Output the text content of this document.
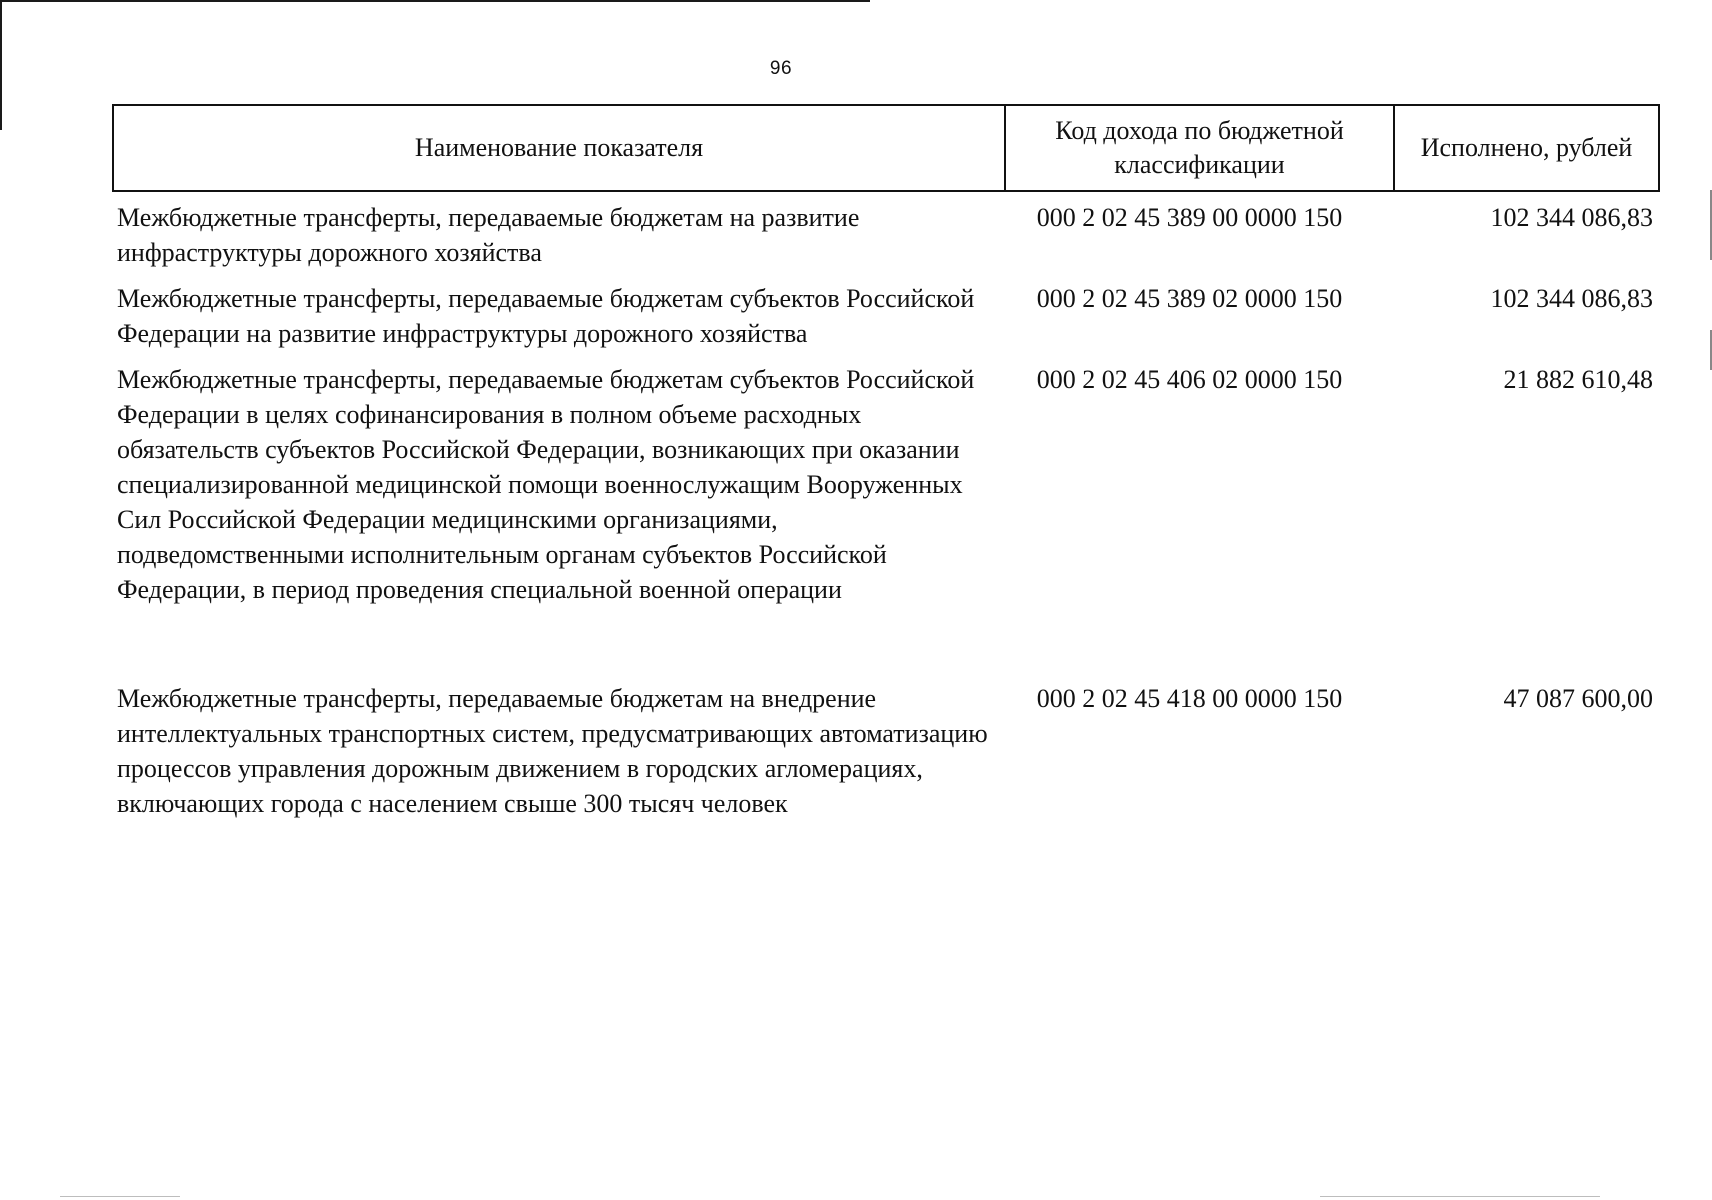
96
Наименование показателя	Код дохода по бюджетной классификации	Исполнено, рублей
Межбюджетные трансферты, передаваемые бюджетам на развитие инфраструктуры дорожного хозяйства	000 2 02 45 389 00 0000 150	102 344 086,83
Межбюджетные трансферты, передаваемые бюджетам субъектов Российской Федерации на развитие инфраструктуры дорожного хозяйства	000 2 02 45 389 02 0000 150	102 344 086,83
Межбюджетные трансферты, передаваемые бюджетам субъектов Российской Федерации в целях софинансирования в полном объеме расходных обязательств субъектов Российской Федерации, возникающих при оказании специализированной медицинской помощи военнослужащим Вооруженных Сил Российской Федерации медицинскими организациями, подведомственными исполнительным органам субъектов Российской Федерации, в период проведения специальной военной операции	000 2 02 45 406 02 0000 150	21 882 610,48
Межбюджетные трансферты, передаваемые бюджетам на внедрение интеллектуальных транспортных систем, предусматривающих автоматизацию процессов управления дорожным движением в городских агломерациях, включающих города с населением свыше 300 тысяч человек	000 2 02 45 418 00 0000 150	47 087 600,00
